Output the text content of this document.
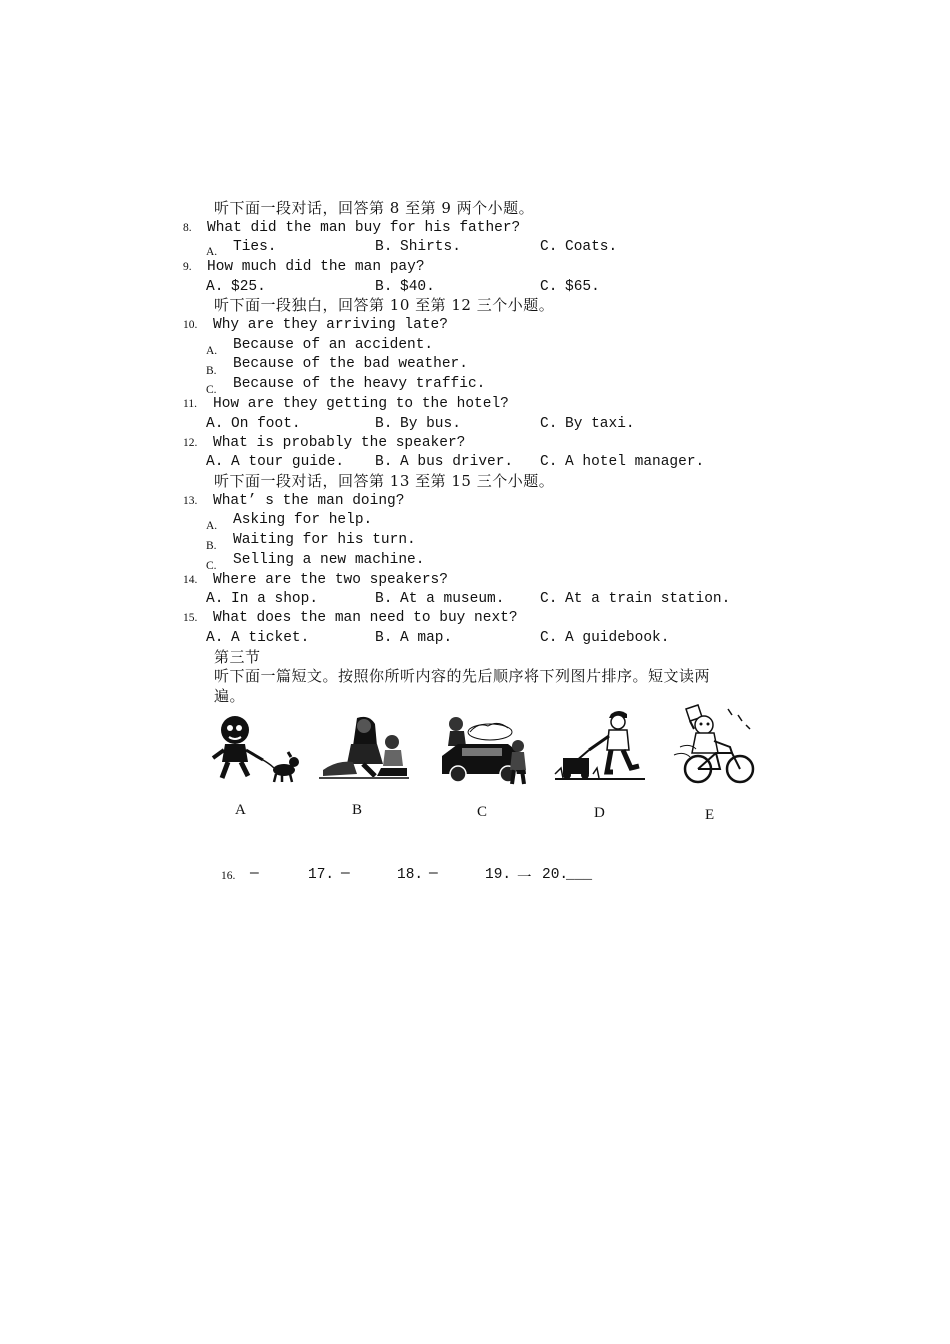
听下面一段对话，回答第 8 至第 9 两个小题。
8. What did the man buy for his father?
A. Ties.	B. Shirts.	C. Coats.
9. How much did the man pay?
A. $25.	B. $40.	C. $65.
听下面一段独白，回答第 10 至第 12 三个小题。
10. Why are they arriving late?
A. Because of an accident.
B. Because of the bad weather.
C. Because of the heavy traffic.
11. How are they getting to the hotel?
A. On foot.	B. By bus.	C. By taxi.
12. What is probably the speaker?
A. A tour guide. B. A bus driver. C. A hotel manager.
听下面一段对话，回答第 13 至第 15 三个小题。
13. What’ s the man doing?
A. Asking for help.
B. Waiting for his turn.
C. Selling a new machine.
14. Where are the two speakers?
A. In a shop.	B. At a museum. C. At a train station.
15. What does the man need to buy next?
A. A ticket.	B. A map.	C. A guidebook.
第三节
听下面一篇短文。按照你所听内容的先后顺序将下列图片排序。短文读两
遍。
A	B	C	D	E
16. —	17. —	18. —	19. 一 20.
___
